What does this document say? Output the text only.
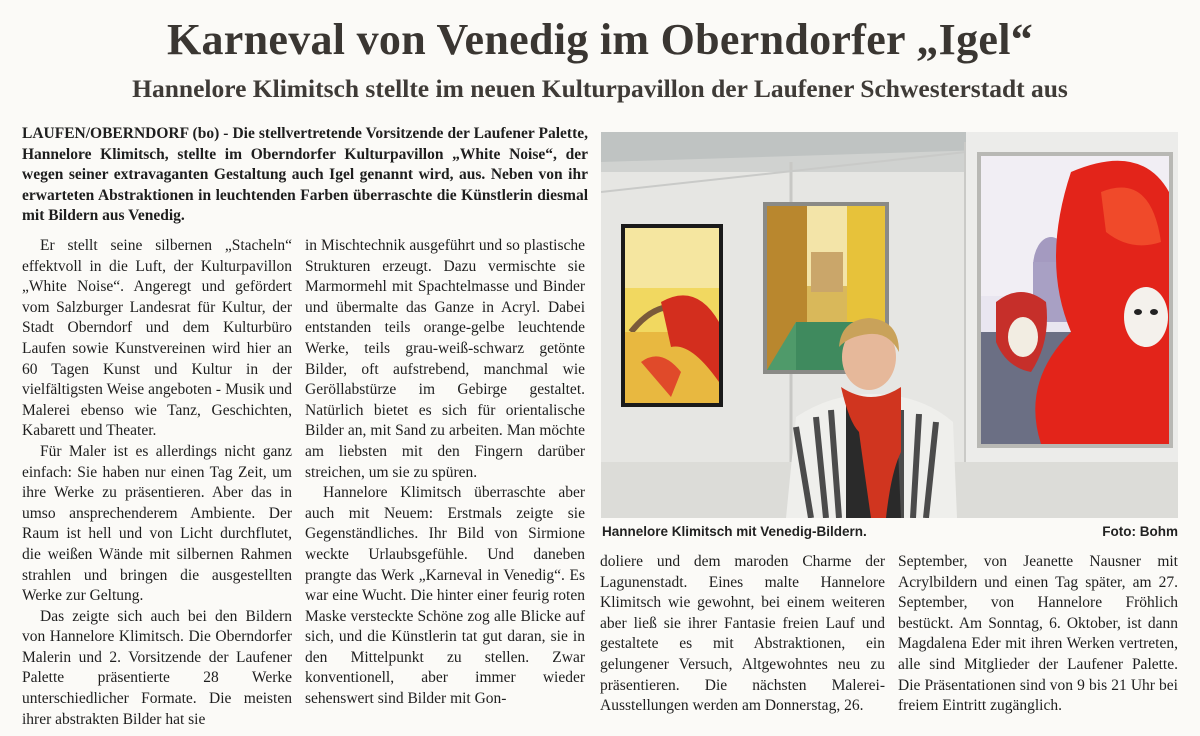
Karneval von Venedig im Oberndorfer „Igel“
Hannelore Klimitsch stellte im neuen Kulturpavillon der Laufener Schwesterstadt aus

LAUFEN/OBERNDORF (bo) - Die stellvertretende Vorsitzende der Laufener Palette, Hannelore Klimitsch, stellte im Oberndorfer Kulturpavillon „White Noise“, der wegen seiner extravaganten Gestaltung auch Igel genannt wird, aus. Neben von ihr erwarteten Abstraktionen in leuchtenden Farben überraschte die Künstlerin diesmal mit Bildern aus Venedig.

Er stellt seine silbernen „Stacheln“ effektvoll in die Luft, der Kulturpavillon „White Noise“. Angeregt und gefördert vom Salzburger Landesrat für Kultur, der Stadt Oberndorf und dem Kulturbüro Laufen sowie Kunstvereinen wird hier an 60 Tagen Kunst und Kultur in der vielfältigsten Weise angeboten - Musik und Malerei ebenso wie Tanz, Geschichten, Kabarett und Theater.

Für Maler ist es allerdings nicht ganz einfach: Sie haben nur einen Tag Zeit, um ihre Werke zu präsentieren. Aber das in umso ansprechenderem Ambiente. Der Raum ist hell und von Licht durchflutet, die weißen Wände mit silbernen Rahmen strahlen und bringen die ausgestellten Werke zur Geltung.

Das zeigte sich auch bei den Bildern von Hannelore Klimitsch. Die Oberndorfer Malerin und 2. Vorsitzende der Laufener Palette präsentierte 28 Werke unterschiedlicher Formate. Die meisten ihrer abstrakten Bilder hat sie

in Mischtechnik ausgeführt und so plastische Strukturen erzeugt. Dazu vermischte sie Marmormehl mit Spachtelmasse und Binder und übermalte das Ganze in Acryl. Dabei entstanden teils orange-gelbe leuchtende Werke, teils grau-weiß-schwarz getönte Bilder, oft aufstrebend, manchmal wie Geröllabstürze im Gebirge gestaltet. Natürlich bietet es sich für orientalische Bilder an, mit Sand zu arbeiten. Man möchte am liebsten mit den Fingern darüber streichen, um sie zu spüren.

Hannelore Klimitsch überraschte aber auch mit Neuem: Erstmals zeigte sie Gegenständliches. Ihr Bild von Sirmione weckte Urlaubsgefühle. Und daneben prangte das Werk „Karneval in Venedig“. Es war eine Wucht. Die hinter einer feurig roten Maske versteckte Schöne zog alle Blicke auf sich, und die Künstlerin tat gut daran, sie in den Mittelpunkt zu stellen. Zwar konventionell, aber immer wieder sehenswert sind Bilder mit Gon-

Hannelore Klimitsch mit Venedig-Bildern.	Foto: Bohm

doliere und dem maroden Charme der Lagunenstadt. Eines malte Hannelore Klimitsch wie gewohnt, bei einem weiteren aber ließ sie ihrer Fantasie freien Lauf und gestaltete es mit Abstraktionen, ein gelungener Versuch, Altgewohntes neu zu präsentieren. Die nächsten Malerei-Ausstellungen werden am Donnerstag, 26.

September, von Jeanette Nausner mit Acrylbildern und einen Tag später, am 27. September, von Hannelore Fröhlich bestückt. Am Sonntag, 6. Oktober, ist dann Magdalena Eder mit ihren Werken vertreten, alle sind Mitglieder der Laufener Palette. Die Präsentationen sind von 9 bis 21 Uhr bei freiem Eintritt zugänglich.
